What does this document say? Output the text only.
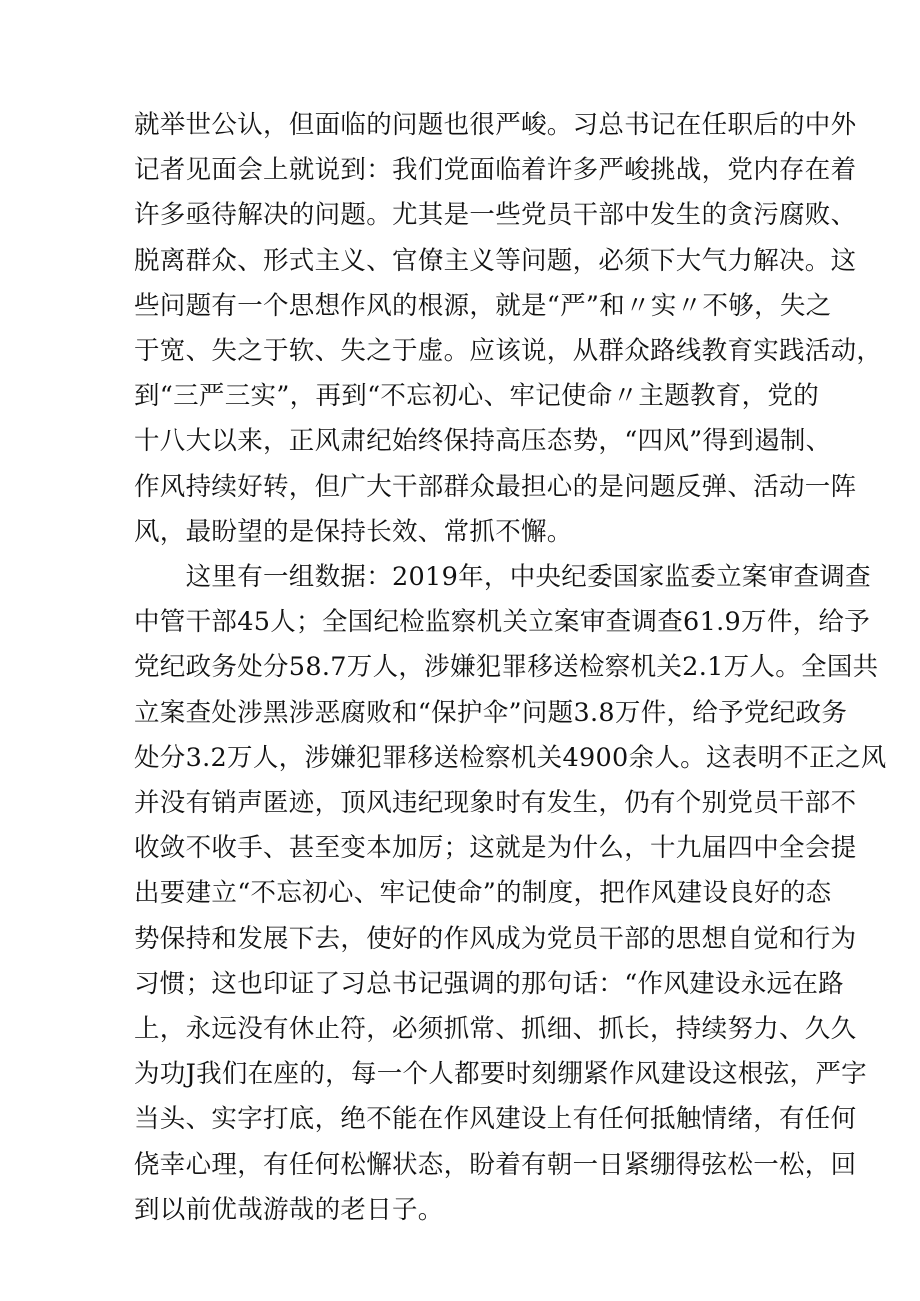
就举世公认，但面临的问题也很严峻。习总书记在任职后的中外
记者见面会上就说到：我们党面临着许多严峻挑战，党内存在着
许多亟待解决的问题。尤其是一些党员干部中发生的贪污腐败、
脱离群众、形式主义、官僚主义等问题，必须下大气力解决。这
些问题有一个思想作风的根源，就是“严”和〃实〃不够，失之
于宽、失之于软、失之于虚。应该说，从群众路线教育实践活动，
到“三严三实”，再到“不忘初心、牢记使命〃主题教育，党的
十八大以来，正风肃纪始终保持高压态势，“四风”得到遏制、
作风持续好转，但广大干部群众最担心的是问题反弹、活动一阵
风，最盼望的是保持长效、常抓不懈。
　　这里有一组数据：2019年，中央纪委国家监委立案审查调查
中管干部45人；全国纪检监察机关立案审查调查61.9万件，给予
党纪政务处分58.7万人，涉嫌犯罪移送检察机关2.1万人。全国共
立案查处涉黑涉恶腐败和“保护伞”问题3.8万件，给予党纪政务
处分3.2万人，涉嫌犯罪移送检察机关4900余人。这表明不正之风
并没有销声匿迹，顶风违纪现象时有发生，仍有个别党员干部不
收敛不收手、甚至变本加厉；这就是为什么，十九届四中全会提
出要建立“不忘初心、牢记使命”的制度，把作风建设良好的态
势保持和发展下去，使好的作风成为党员干部的思想自觉和行为
习惯；这也印证了习总书记强调的那句话：“作风建设永远在路
上，永远没有休止符，必须抓常、抓细、抓长，持续努力、久久
为功J我们在座的，每一个人都要时刻绷紧作风建设这根弦，严字
当头、实字打底，绝不能在作风建设上有任何抵触情绪，有任何
侥幸心理，有任何松懈状态，盼着有朝一日紧绷得弦松一松，回
到以前优哉游哉的老日子。
